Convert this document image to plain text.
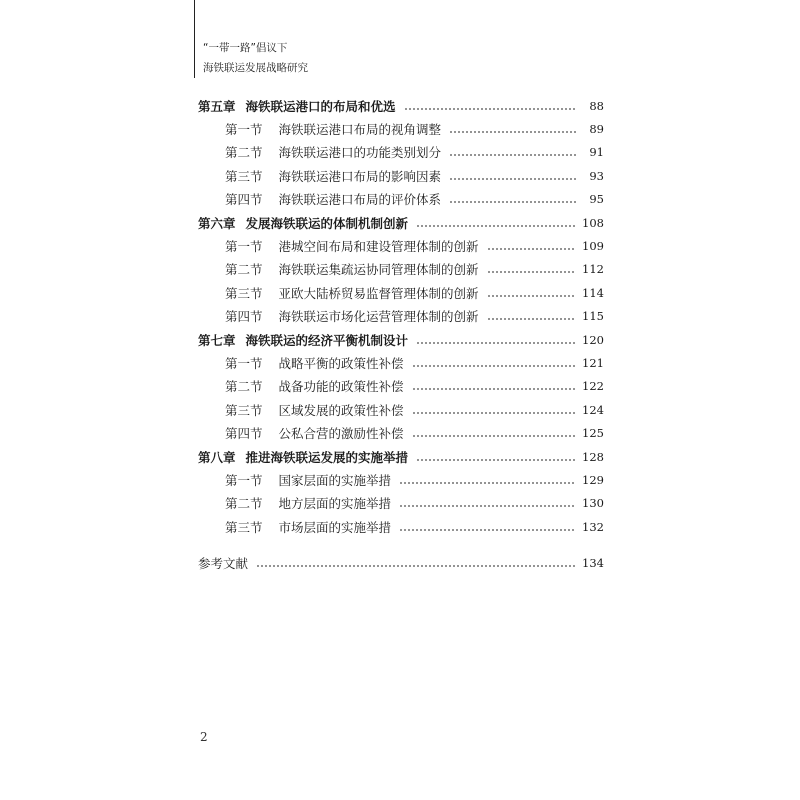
“一带一路”倡议下
海铁联运发展战略研究
第五章 海铁联运港口的布局和优选	88
第一节 海铁联运港口布局的视角调整	89
第二节 海铁联运港口的功能类别划分	91
第三节 海铁联运港口布局的影响因素	93
第四节 海铁联运港口布局的评价体系	95
第六章 发展海铁联运的体制机制创新	108
第一节 港城空间布局和建设管理体制的创新	109
第二节 海铁联运集疏运协同管理体制的创新	112
第三节 亚欧大陆桥贸易监督管理体制的创新	114
第四节 海铁联运市场化运营管理体制的创新	115
第七章 海铁联运的经济平衡机制设计	120
第一节 战略平衡的政策性补偿	121
第二节 战备功能的政策性补偿	122
第三节 区域发展的政策性补偿	124
第四节 公私合营的激励性补偿	125
第八章 推进海铁联运发展的实施举措	128
第一节 国家层面的实施举措	129
第二节 地方层面的实施举措	130
第三节 市场层面的实施举措	132
参考文献	134
2
